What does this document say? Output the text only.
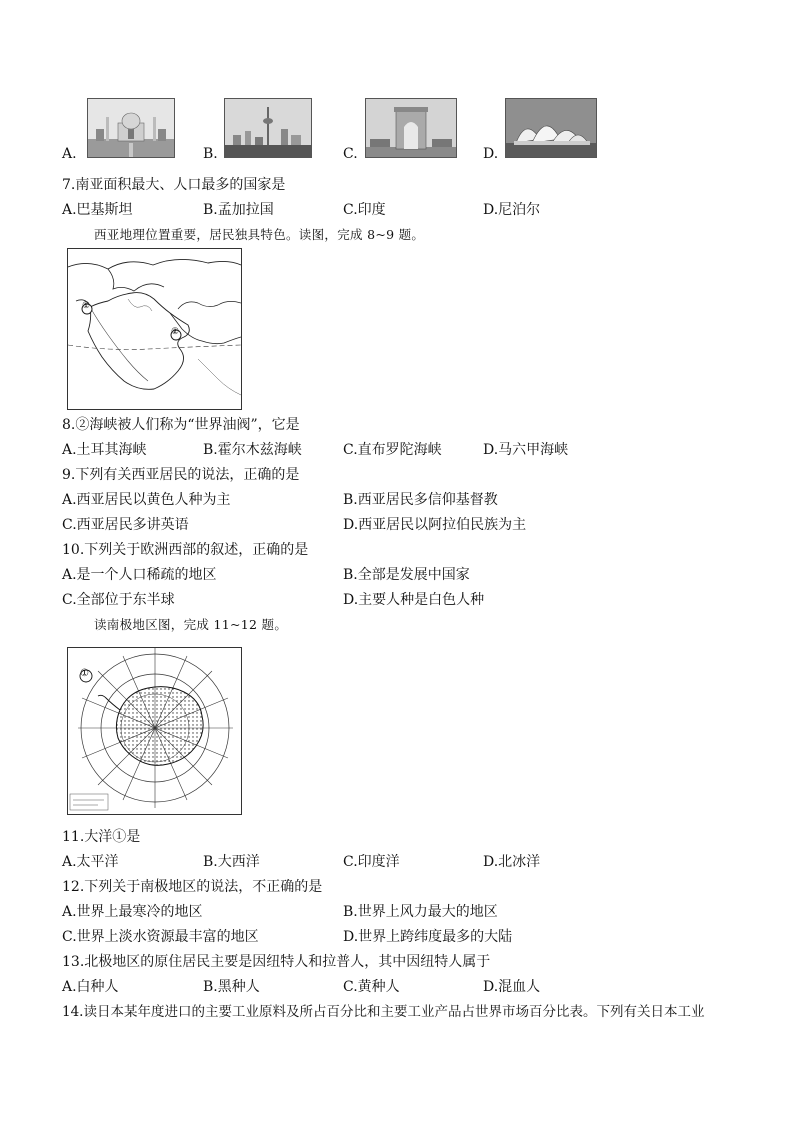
A.	B.	C.	D.
7.南亚面积最大、人口最多的国家是
A.巴基斯坦	B.孟加拉国	C.印度	D.尼泊尔
西亚地理位置重要，居民独具特色。读图，完成 8~9 题。
①
②
8.②海峡被人们称为“世界油阀”，它是
A.土耳其海峡	B.霍尔木兹海峡	C.直布罗陀海峡	D.马六甲海峡
9.下列有关西亚居民的说法，正确的是
A.西亚居民以黄色人种为主	B.西亚居民多信仰基督教
C.西亚居民多讲英语	D.西亚居民以阿拉伯民族为主
10.下列关于欧洲西部的叙述，正确的是
A.是一个人口稀疏的地区	B.全部是发展中国家
C.全部位于东半球	D.主要人种是白色人种
读南极地区图，完成 11~12 题。
①
11.大洋①是
A.太平洋	B.大西洋	C.印度洋	D.北冰洋
12.下列关于南极地区的说法，不正确的是
A.世界上最寒冷的地区	B.世界上风力最大的地区
C.世界上淡水资源最丰富的地区	D.世界上跨纬度最多的大陆
13.北极地区的原住居民主要是因纽特人和拉普人，其中因纽特人属于
A.白种人	B.黑种人	C.黄种人	D.混血人
14.读日本某年度进口的主要工业原料及所占百分比和主要工业产品占世界市场百分比表。下列有关日本工业
